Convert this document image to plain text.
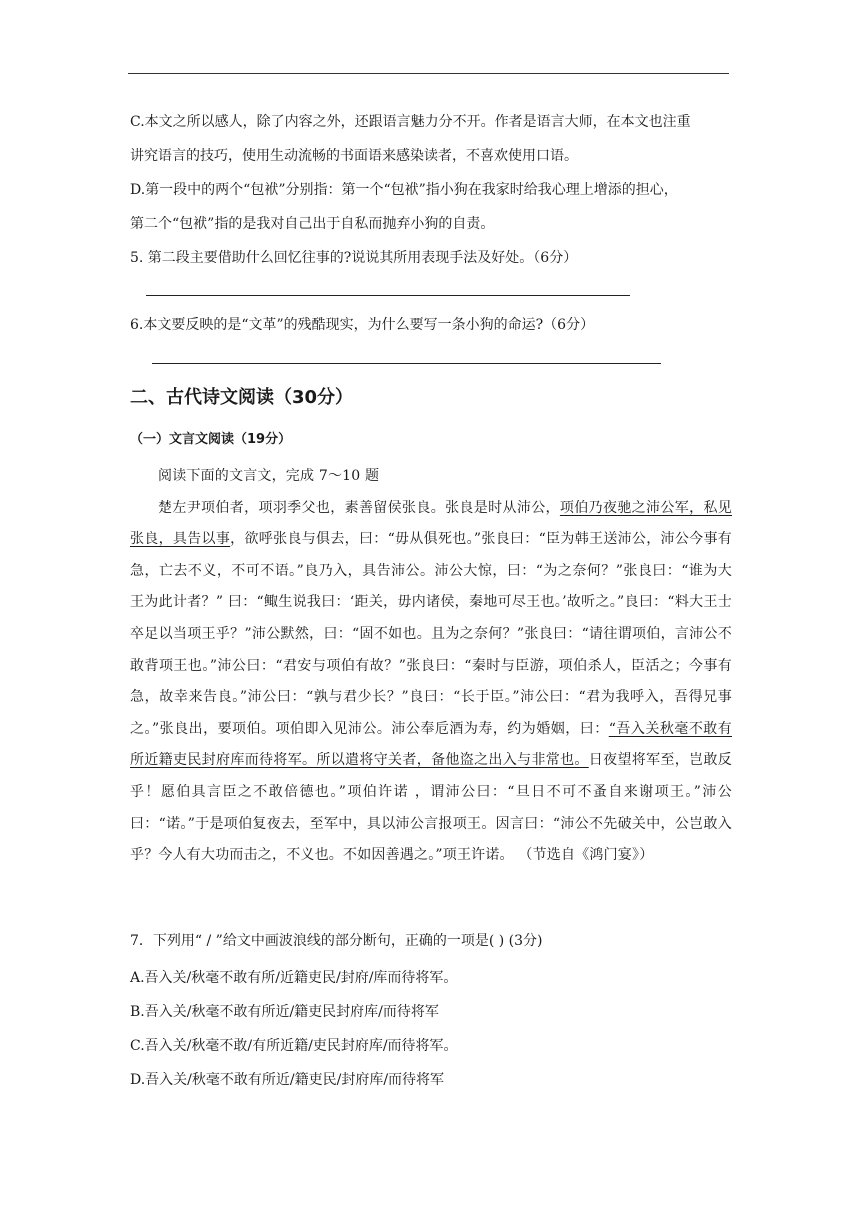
C.本文之所以感人，除了内容之外，还跟语言魅力分不开。作者是语言大师，在本文也注重
讲究语言的技巧，使用生动流畅的书面语来感染读者，不喜欢使用口语。
D.第一段中的两个“包袱”分别指：第一个“包袱”指小狗在我家时给我心理上增添的担心，
第二个“包袱”指的是我对自己出于自私而抛弃小狗的自责。
5. 第二段主要借助什么回忆往事的?说说其所用表现手法及好处。（6分）
6.本文要反映的是“文革”的残酷现实，为什么要写一条小狗的命运?（6分）
二、古代诗文阅读（30分）
（一）文言文阅读（19分）
阅读下面的文言文，完成 7～10 题
楚左尹项伯者，项羽季父也，素善留侯张良。张良是时从沛公，项伯乃夜驰之沛公军，私见张良，具告以事，欲呼张良与俱去，曰：“毋从俱死也。”张良曰：“臣为韩王送沛公，沛公今事有急，亡去不义，不可不语。”良乃入，具告沛公。沛公大惊，曰：“为之奈何？”张良曰：“谁为大王为此计者？” 曰：“鲰生说我曰：‘距关，毋内诸侯，秦地可尽王也。’故听之。”良曰：“料大王士卒足以当项王乎？”沛公默然，曰：“固不如也。且为之奈何？”张良曰：“请往谓项伯，言沛公不敢背项王也。”沛公曰：“君安与项伯有故？”张良曰：“秦时与臣游，项伯杀人，臣活之；今事有急，故幸来告良。”沛公曰：“孰与君少长？”良曰：“长于臣。”沛公曰：“君为我呼入，吾得兄事之。”张良出，要项伯。项伯即入见沛公。沛公奉卮酒为寿，约为婚姻，曰：“吾入关秋毫不敢有所近籍吏民封府库而待将军。所以遣将守关者，备他盗之出入与非常也。日夜望将军至，岂敢反乎！愿伯具言臣之不敢倍德也。”项伯许诺 ，谓沛公曰：“旦日不可不蚤自来谢项王。”沛公曰：“诺。”于是项伯复夜去，至军中，具以沛公言报项王。因言曰：“沛公不先破关中，公岂敢入乎？今人有大功而击之，不义也。不如因善遇之。”项王许诺。 （节选自《鸿门宴》）
7．下列用“ / ”给文中画波浪线的部分断句，正确 · ·的一项是( ) (3分)
A.吾入关/秋毫不敢有所/近籍吏民/封府/库而待将军。
B.吾入关/秋毫不敢有所近/籍吏民封府库/而待将军
C.吾入关/秋毫不敢/有所近籍/吏民封府库/而待将军。
D.吾入关/秋毫不敢有所近/籍吏民/封府库/而待将军
